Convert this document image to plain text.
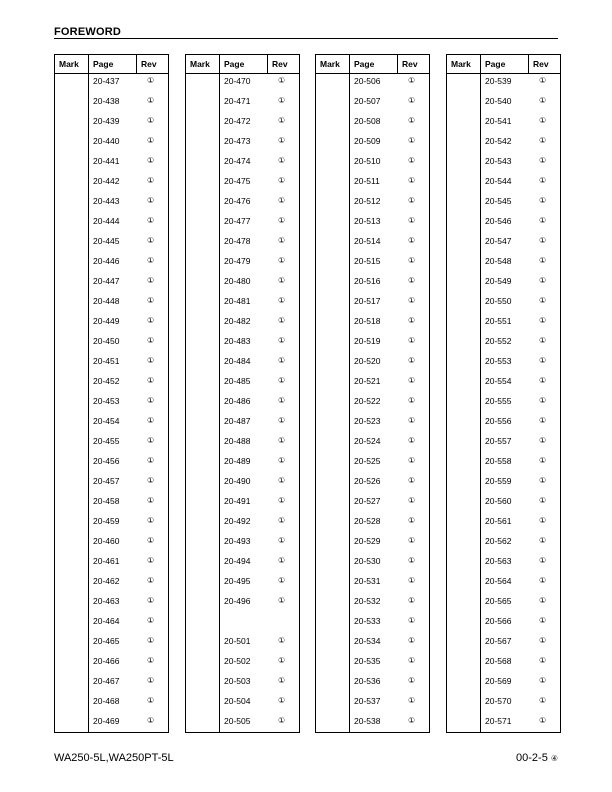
FOREWORD
Mark Page	Rev
20-437	①
20-438	①
20-439	①
20-440	①
20-441	①
20-442	①
20-443	①
20-444	①
20-445	①
20-446	①
20-447	①
20-448	①
20-449	①
20-450	①
20-451	①
20-452	①
20-453	①
20-454	①
20-455	①
20-456	①
20-457	①
20-458	①
20-459	①
20-460	①
20-461	①
20-462	①
20-463	①
20-464	①
20-465	①
20-466	①
20-467	①
20-468	①
20-469	①
Mark Page	Rev
20-470	①
20-471	①
20-472	①
20-473	①
20-474	①
20-475	①
20-476	①
20-477	①
20-478	①
20-479	①
20-480	①
20-481	①
20-482	①
20-483	①
20-484	①
20-485	①
20-486	①
20-487	①
20-488	①
20-489	①
20-490	①
20-491	①
20-492	①
20-493	①
20-494	①
20-495	①
20-496	①
20-501	①
20-502	①
20-503	①
20-504	①
20-505	①
Mark Page	Rev
20-506	①
20-507	①
20-508	①
20-509	①
20-510	①
20-511	①
20-512	①
20-513	①
20-514	①
20-515	①
20-516	①
20-517	①
20-518	①
20-519	①
20-520	①
20-521	①
20-522	①
20-523	①
20-524	①
20-525	①
20-526	①
20-527	①
20-528	①
20-529	①
20-530	①
20-531	①
20-532	①
20-533	①
20-534	①
20-535	①
20-536	①
20-537	①
20-538	①
Mark Page	Rev
20-539	①
20-540	①
20-541	①
20-542	①
20-543	①
20-544	①
20-545	①
20-546	①
20-547	①
20-548	①
20-549	①
20-550	①
20-551	①
20-552	①
20-553	①
20-554	①
20-555	①
20-556	①
20-557	①
20-558	①
20-559	①
20-560	①
20-561	①
20-562	①
20-563	①
20-564	①
20-565	①
20-566	①
20-567	①
20-568	①
20-569	①
20-570	①
20-571	①
WA250-5L,WA250PT-5L	00-2-5 ④
